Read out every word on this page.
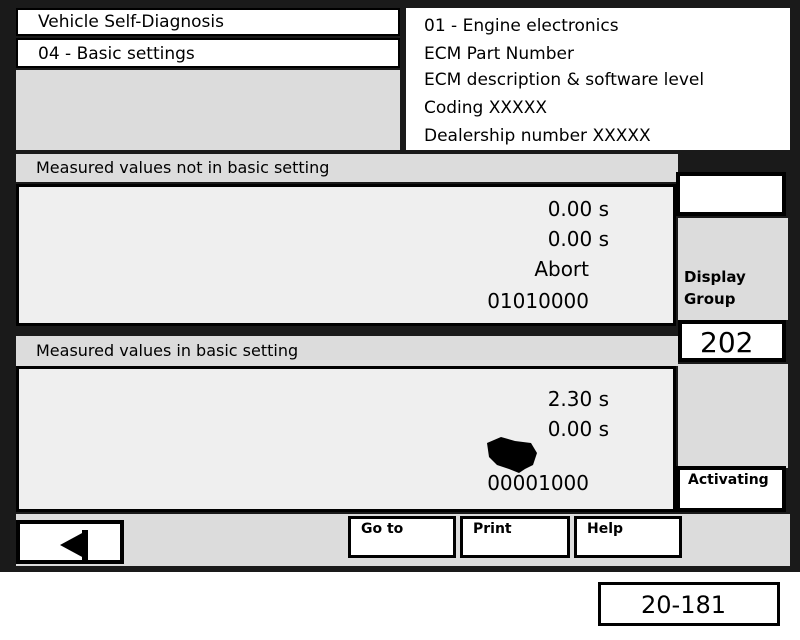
Vehicle Self-Diagnosis
04 - Basic settings
01 - Engine electronics
ECM Part Number
ECM description & software level
Coding XXXXX
Dealership number XXXXX
Measured values not in basic setting
0.00 s
0.00 s
Abort
01010000
Display
Group
202
Activating
Measured values in basic setting
2.30 s
0.00 s
00001000
Go to	Print	Help
20-181
